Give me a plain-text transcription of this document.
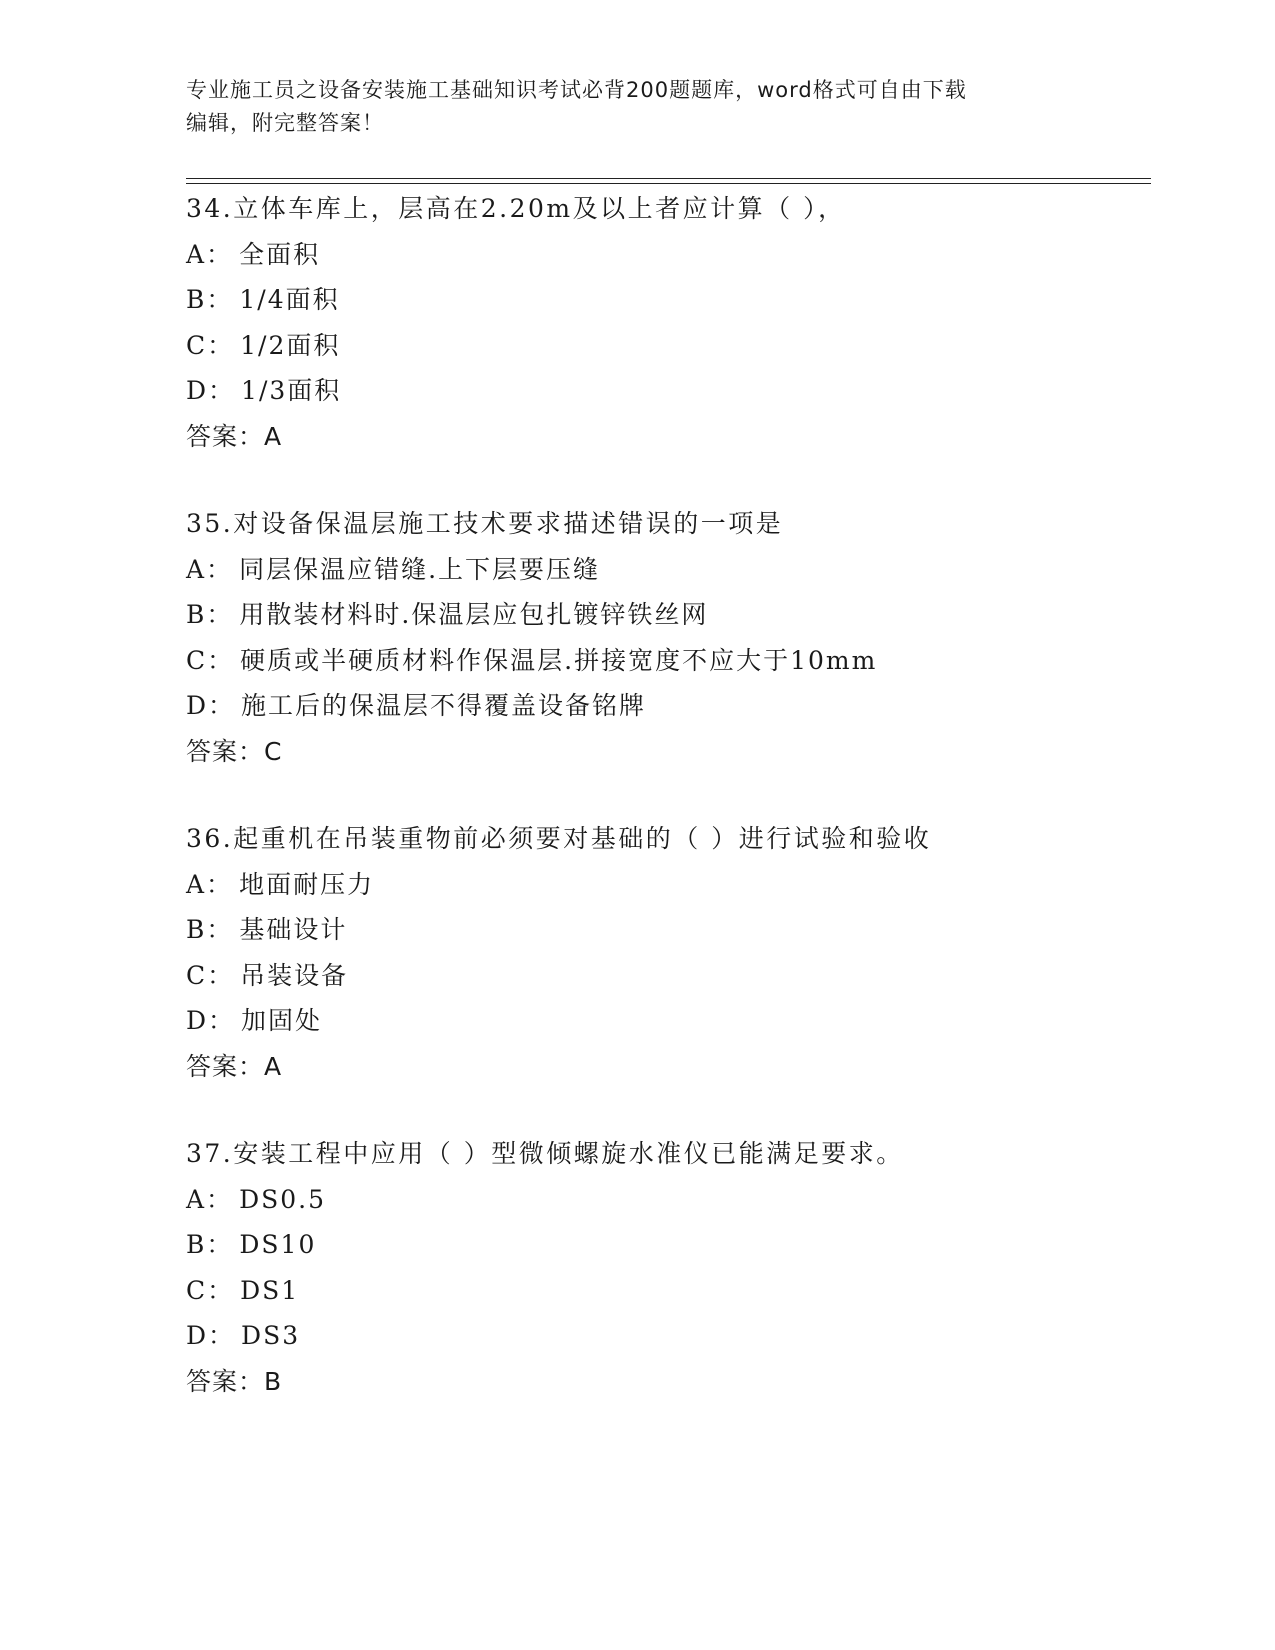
专业施工员之设备安装施工基础知识考试必背200题题库，word格式可自由下载
编辑，附完整答案！
34.立体车库上，层高在2.20m及以上者应计算（ ），
A： 全面积
B： 1/4面积
C： 1/2面积
D： 1/3面积
答案：A
35.对设备保温层施工技术要求描述错误的一项是
A： 同层保温应错缝.上下层要压缝
B： 用散装材料时.保温层应包扎镀锌铁丝网
C： 硬质或半硬质材料作保温层.拼接宽度不应大于10mm
D： 施工后的保温层不得覆盖设备铭牌
答案：C
36.起重机在吊装重物前必须要对基础的（ ）进行试验和验收
A： 地面耐压力
B： 基础设计
C： 吊装设备
D： 加固处
答案：A
37.安装工程中应用（ ）型微倾螺旋水准仪已能满足要求。
A： DS0.5
B： DS10
C： DS1
D： DS3
答案：B
